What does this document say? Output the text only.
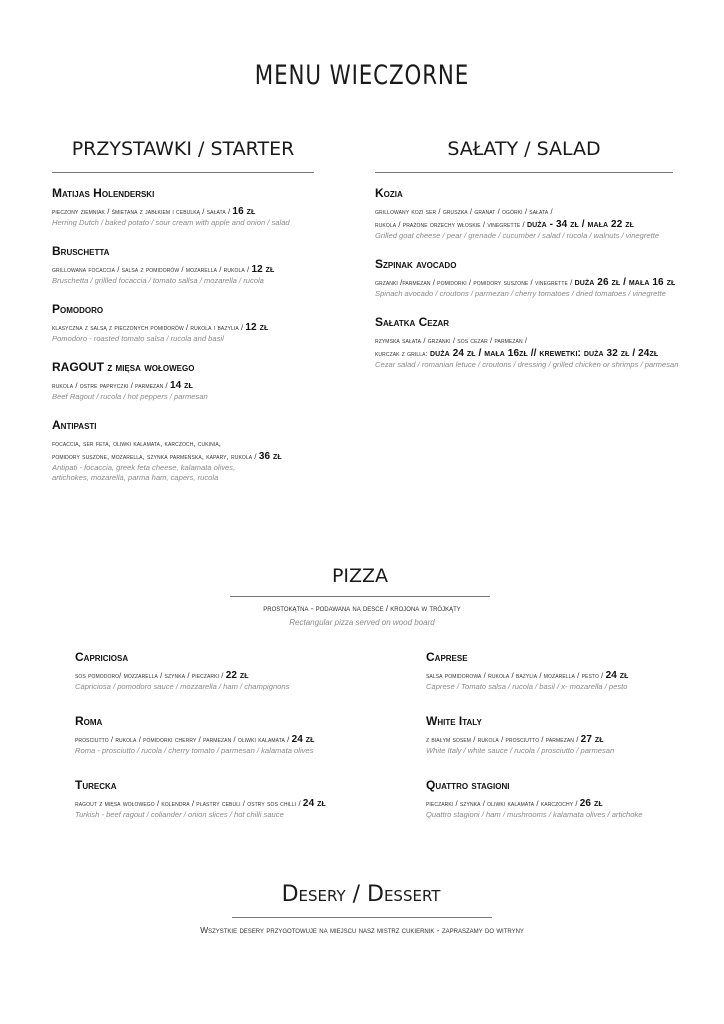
MENU WIECZORNE
PRZYSTAWKI / STARTER
Matijas Holenderski
pieczony ziemniak / śmietana z jabłkiem i cebulką / sałata / 16 zł
Herring Dutch / baked potato / sour cream with apple and onion / salad
Bruschetta
grillowana focaccia / salsa z pomidorów / mozarella / rukola / 12 zł
Bruschetta / grillled focaccia / tomato sallsa / mozarella / rucola
Pomodoro
klasyczna z salsą z pieczonych pomidorów / rukola i bazylia / 12 zł
Pomodoro - roasted tomato salsa / rucola and basil
RAGOUT z mięsa wołowego
rukola / ostre papryczki / parmezan / 14 zł
Beef Ragout / rucola / hot peppers / parmesan
Antipasti
focaccia, ser feta, oliwki kalamata, karczoch, cukinia,
pomidory suszone, mozarella, szynka parmeńska, kapary, rukola / 36 zł
Antipati - focaccia, greek feta cheese, kalamata olives,
artichokes, mozarella, parma ham, capers, rucola
SAŁATY / SALAD
Kozia
grillowany kozi ser / gruszka / granat / ogórki / sałata /
rukola / prażone orzechy włoskie / vinegrette / duża - 34 zł / mała 22 zł
Grilled goat cheese / pear / grenade / cucumber / salad / rucola / walnuts / vinegrette
Szpinak avocado
grzanki /parmezan / pomidorki / pomidory suszone / vinegrette / duża 26 zł / mała 16 zł
Spinach avocado / croutons / parmezan / cherry tomatoes / dried tomatoes / vinegrette
Sałatka Cezar
rzymska sałata / grzanki / sos cezar / parmezan /
kurczak z grilla: duża 24 zł / mała 16zł // krewetki: duża 32 zł / 24zł
Cezar salad / romanian letuce / croutons / dressing / grilled chicken or shrimps / parmesan
PIZZA
prostokątna - podawana na desce / krojona w trójkąty
Rectangular pizza served on wood board
Capriciosa
sos pomodoro/ mozzarella / szynka / pieczarki / 22 zł
Capriciosa / pomodoro sauce / mozzarella / ham / champignons
Roma
prosciutto / rukola / pomidorki cherry / parmezan / oliwki kalamata / 24 zł
Roma - prosciutto / rucola / cherry tomato / parmesan / kalamata olives
Turecka
ragout z mięsa wołowego / kolendra / plastry cebuli / ostry sos chilli / 24 zł
Turkish - beef ragout / coliander / onion slices / hot chilli sauce
Caprese
salsa pomidorowa / rukola / bazylia / mozarella / pesto / 24 zł
Caprese / Tomato salsa / rucola / basil / x- mozarella / pesto
White Italy
z białym sosem / rukola / prosciutto / parmezan / 27 zł
White Italy / white sauce / rucola / prosciutto / parmesan
Quattro stagioni
pieczarki / szynka / oliwki kalamata / karczochy / 26 zł
Quattro stagioni / ham / mushrooms / kalamata olives / artichoke
Desery / Dessert
Wszystkie desery przygotowuje na miejscu nasz mistrz cukiernik - zapraszamy do witryny
